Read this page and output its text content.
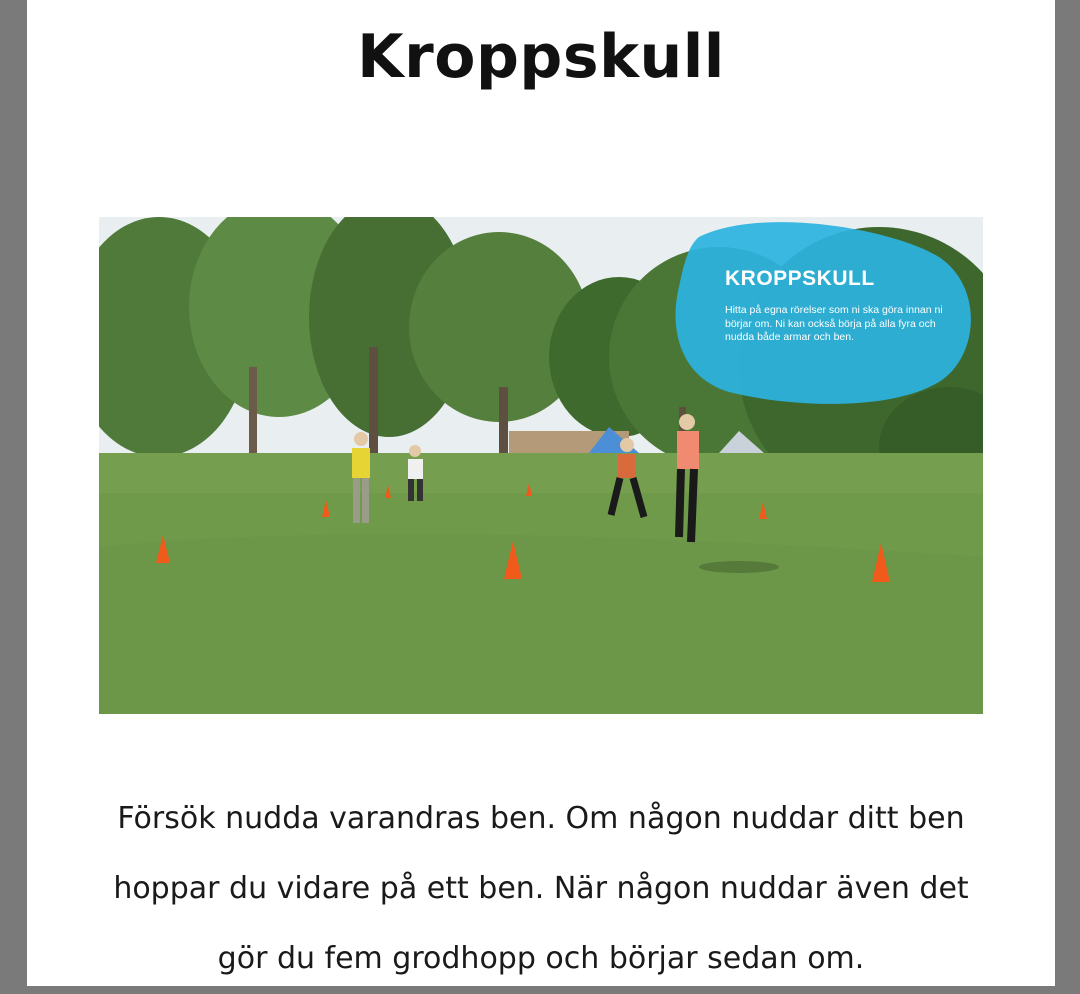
Kroppskull
KROPPSKULL
Hitta på egna rörelser som ni ska göra innan ni börjar om. Ni kan också börja på alla fyra och nudda både armar och ben.

Försök nudda varandras ben. Om någon nuddar ditt ben hoppar du vidare på ett ben. När någon nuddar även det gör du fem grodhopp och börjar sedan om.
